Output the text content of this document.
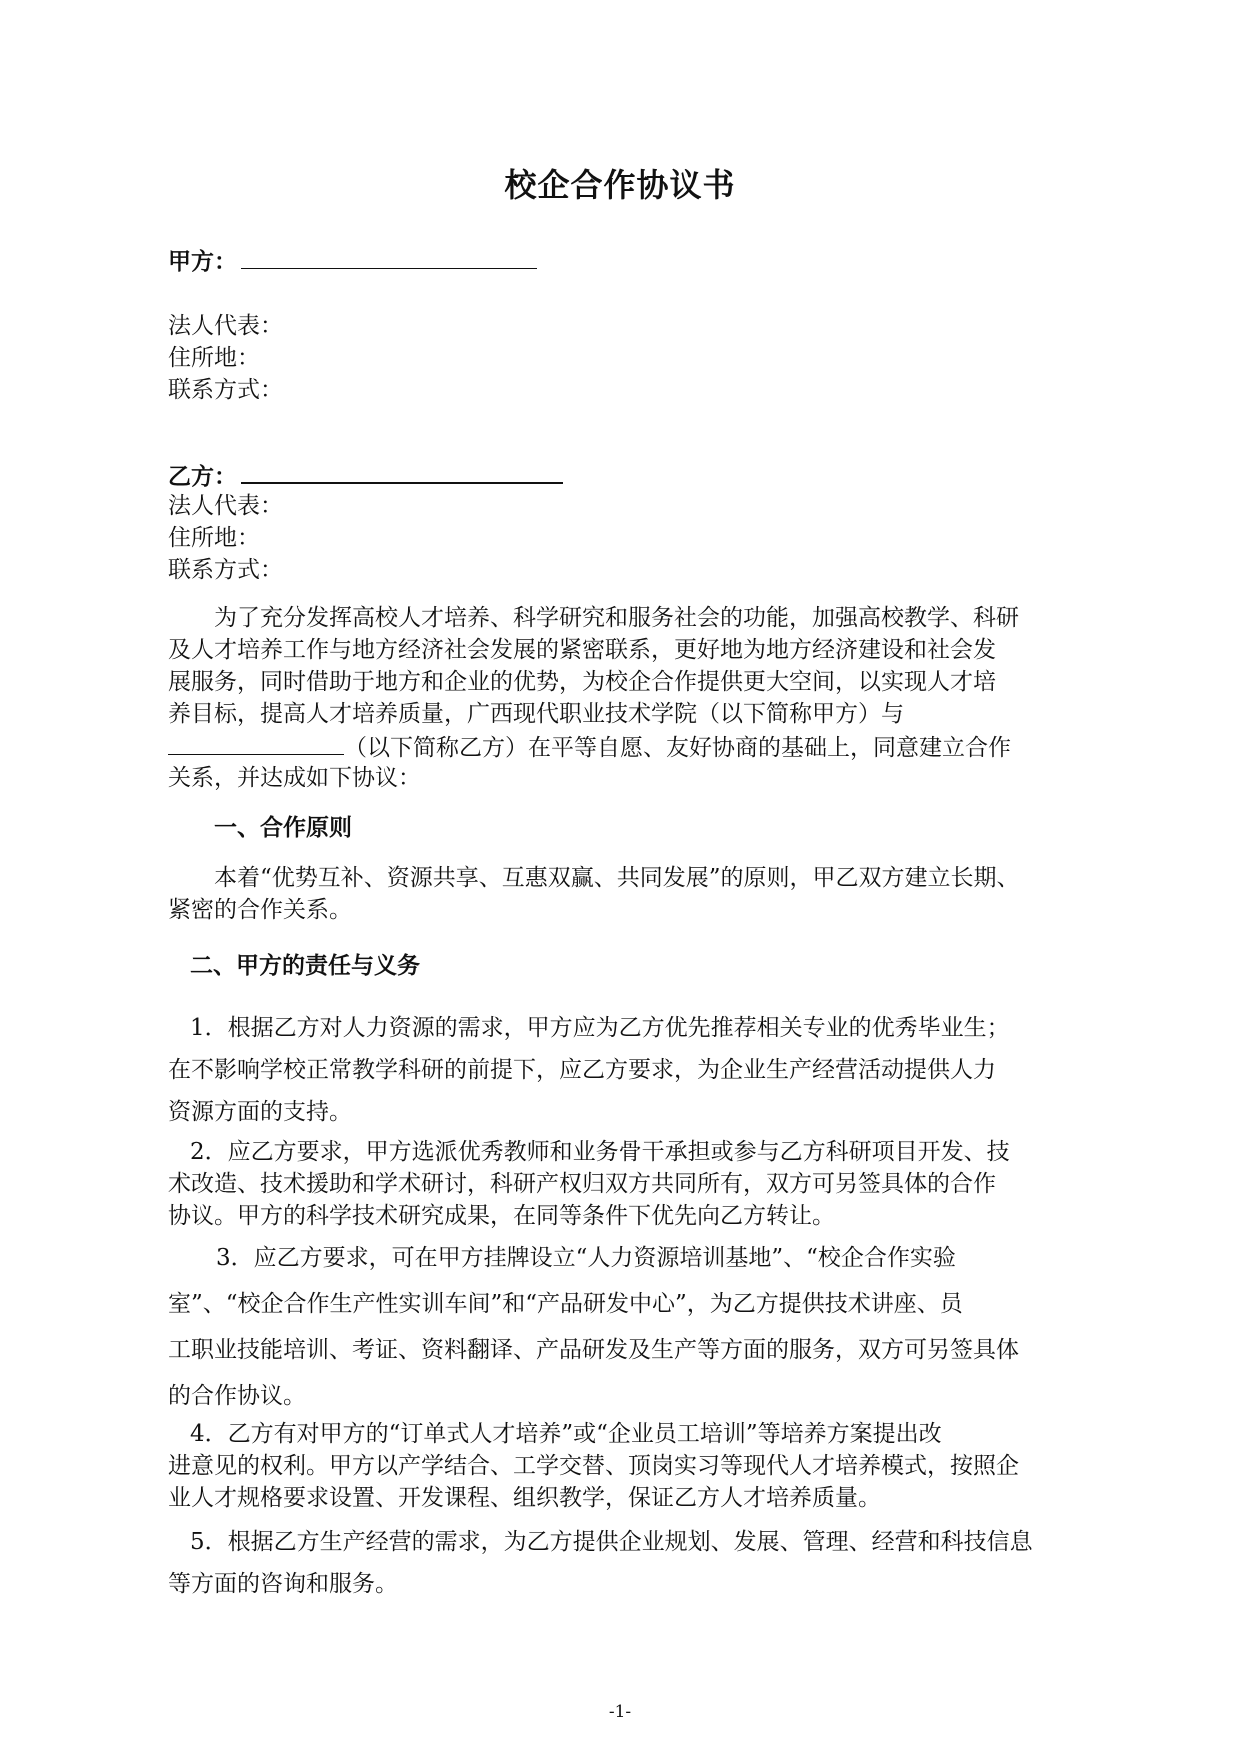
校企合作协议书
甲方：
法人代表：
住所地：
联系方式：
乙方：
法人代表：
住所地：
联系方式：
为了充分发挥高校人才培养、科学研究和服务社会的功能，加强高校教学、科研
及人才培养工作与地方经济社会发展的紧密联系，更好地为地方经济建设和社会发
展服务，同时借助于地方和企业的优势，为校企合作提供更大空间，以实现人才培
养目标，提高人才培养质量，广西现代职业技术学院（以下简称甲方）与
（以下简称乙方）在平等自愿、友好协商的基础上，同意建立合作
关系，并达成如下协议：
一、合作原则
本着“优势互补、资源共享、互惠双赢、共同发展”的原则，甲乙双方建立长期、
紧密的合作关系。
二、甲方的责任与义务
1．根据乙方对人力资源的需求，甲方应为乙方优先推荐相关专业的优秀毕业生；
在不影响学校正常教学科研的前提下，应乙方要求，为企业生产经营活动提供人力
资源方面的支持。
2．应乙方要求，甲方选派优秀教师和业务骨干承担或参与乙方科研项目开发、技
术改造、技术援助和学术研讨，科研产权归双方共同所有，双方可另签具体的合作
协议。甲方的科学技术研究成果，在同等条件下优先向乙方转让。
3．应乙方要求，可在甲方挂牌设立“人力资源培训基地”、“校企合作实验
室”、“校企合作生产性实训车间”和“产品研发中心”，为乙方提供技术讲座、员
工职业技能培训、考证、资料翻译、产品研发及生产等方面的服务，双方可另签具体
的合作协议。
4．乙方有对甲方的“订单式人才培养”或“企业员工培训”等培养方案提出改
进意见的权利。甲方以产学结合、工学交替、顶岗实习等现代人才培养模式，按照企
业人才规格要求设置、开发课程、组织教学，保证乙方人才培养质量。
5．根据乙方生产经营的需求，为乙方提供企业规划、发展、管理、经营和科技信息
等方面的咨询和服务。
-1-
